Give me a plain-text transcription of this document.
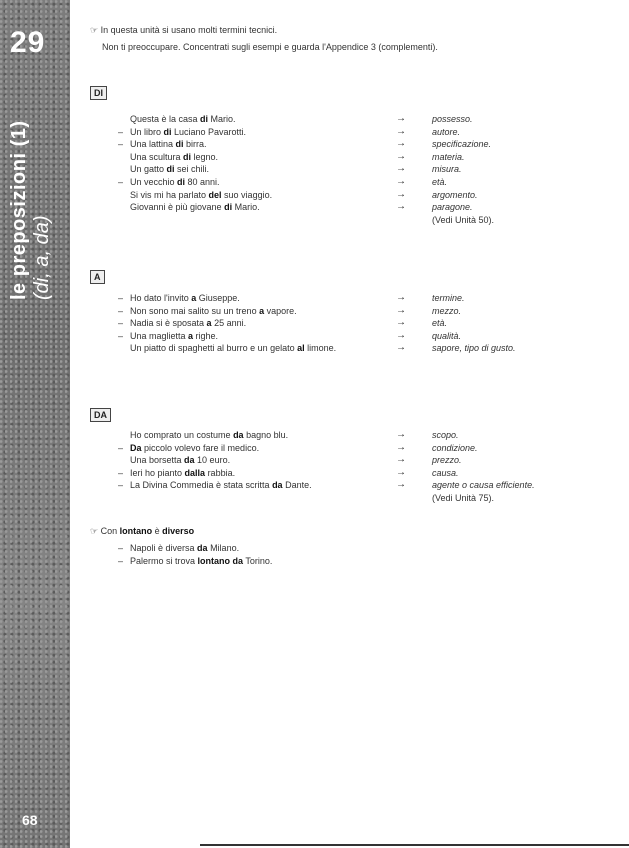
29
le preposizioni (1)
(di, a, da)
68
☞ In questa unità si usano molti termini tecnici.
Non ti preoccupare. Concentrati sugli esempi e guarda l'Appendice 3 (complementi).
DI
Questa è la casa di Mario.	→	possesso.
– Un libro di Luciano Pavarotti.	→	autore.
– Una lattina di birra.	→	specificazione.
Una scultura di legno.	→	materia.
Un gatto di sei chili.	→	misura.
– Un vecchio di 80 anni.	→	età.
Si vis mi ha parlato del suo viaggio.	→	argomento.
Giovanni è più giovane di Mario.	→	paragone.
(Vedi Unità 50).
A
– Ho dato l'invito a Giuseppe.	→	termine.
– Non sono mai salito su un treno a vapore.	→	mezzo.
– Nadia si è sposata a 25 anni.	→	età.
– Una maglietta a righe.	→	qualità.
Un piatto di spaghetti al burro e un gelato al limone.	→	sapore, tipo di gusto.
DA
Ho comprato un costume da bagno blu.	→	scopo.
– Da piccolo volevo fare il medico.	→	condizione.
Una borsetta da 10 euro.	→	prezzo.
– Ieri ho pianto dalla rabbia.	→	causa.
– La Divina Commedia è stata scritta da Dante.	→	agente o causa efficiente.
(Vedi Unità 75).
☞ Con lontano è diverso
– Napoli è diversa da Milano.
– Palermo si trova lontano da Torino.
